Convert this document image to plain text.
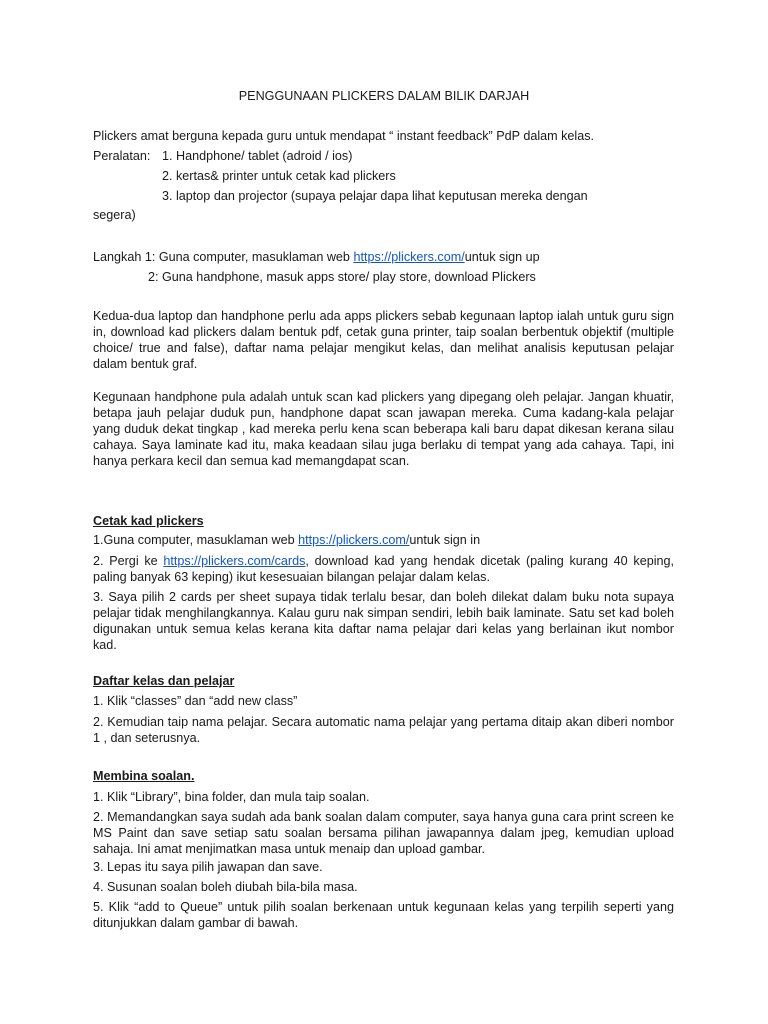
PENGGUNAAN PLICKERS DALAM BILIK DARJAH
Plickers amat berguna kepada guru untuk mendapat “ instant feedback” PdP dalam kelas.
Peralatan: 1. Handphone/ tablet (adroid / ios)
2. kertas& printer untuk cetak kad plickers
3. laptop dan projector (supaya pelajar dapa lihat keputusan mereka dengan
segera)
Langkah 1: Guna computer, masuklaman web https://plickers.com/untuk sign up
2: Guna handphone, masuk apps store/ play store, download Plickers
Kedua-dua laptop dan handphone perlu ada apps plickers sebab kegunaan laptop ialah untuk guru sign in, download kad plickers dalam bentuk pdf, cetak guna printer, taip soalan berbentuk objektif (multiple choice/ true and false), daftar nama pelajar mengikut kelas, dan melihat analisis keputusan pelajar dalam bentuk graf.
Kegunaan handphone pula adalah untuk scan kad plickers yang dipegang oleh pelajar. Jangan khuatir, betapa jauh pelajar duduk pun, handphone dapat scan jawapan mereka. Cuma kadang-kala pelajar yang duduk dekat tingkap , kad mereka perlu kena scan beberapa kali baru dapat dikesan kerana silau cahaya. Saya laminate kad itu, maka keadaan silau juga berlaku di tempat yang ada cahaya. Tapi, ini hanya perkara kecil dan semua kad memangdapat scan.
Cetak kad plickers
1.Guna computer, masuklaman web https://plickers.com/untuk sign in
2. Pergi ke https://plickers.com/cards, download kad yang hendak dicetak (paling kurang 40 keping, paling banyak 63 keping) ikut kesesuaian bilangan pelajar dalam kelas.
3. Saya pilih 2 cards per sheet supaya tidak terlalu besar, dan boleh dilekat dalam buku nota supaya pelajar tidak menghilangkannya. Kalau guru nak simpan sendiri, lebih baik laminate. Satu set kad boleh digunakan untuk semua kelas kerana kita daftar nama pelajar dari kelas yang berlainan ikut nombor kad.
Daftar kelas dan pelajar
1. Klik “classes” dan “add new class”
2. Kemudian taip nama pelajar. Secara automatic nama pelajar yang pertama ditaip akan diberi nombor 1 , dan seterusnya.
Membina soalan.
1. Klik “Library”, bina folder, dan mula taip soalan.
2. Memandangkan saya sudah ada bank soalan dalam computer, saya hanya guna cara print screen ke MS Paint dan save setiap satu soalan bersama pilihan jawapannya dalam jpeg, kemudian upload sahaja. Ini amat menjimatkan masa untuk menaip dan upload gambar.
3. Lepas itu saya pilih jawapan dan save.
4. Susunan soalan boleh diubah bila-bila masa.
5. Klik “add to Queue” untuk pilih soalan berkenaan untuk kegunaan kelas yang terpilih seperti yang ditunjukkan dalam gambar di bawah.
